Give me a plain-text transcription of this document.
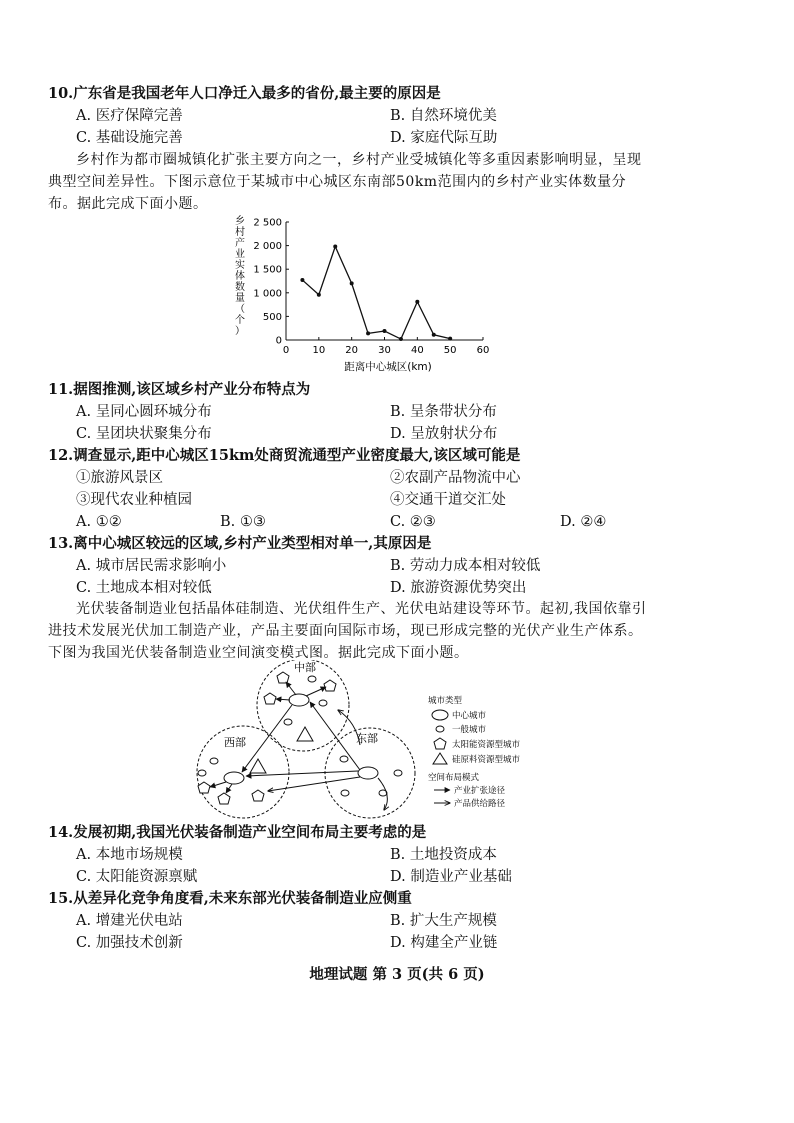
10.广东省是我国老年人口净迁入最多的省份,最主要的原因是
A. 医疗保障完善	B. 自然环境优美
C. 基础设施完善	D. 家庭代际互助
乡村作为都市圈城镇化扩张主要方向之一，乡村产业受城镇化等多重因素影响明显，呈现
典型空间差异性。下图示意位于某城市中心城区东南部50km范围内的乡村产业实体数量分
布。据此完成下面小题。
乡
村
产
业
实
体
数
量
（
个
）
0 10 20 30 40 50 60
0
500
1 000
1 500
2 000
2 500
距离中心城区(km)
11.据图推测,该区域乡村产业分布特点为
A. 呈同心圆环城分布	B. 呈条带状分布
C. 呈团块状聚集分布	D. 呈放射状分布
12.调查显示,距中心城区15km处商贸流通型产业密度最大,该区域可能是
①旅游风景区	②农副产品物流中心
③现代农业种植园	④交通干道交汇处
A. ①②	B. ①③	C. ②③	D. ②④
13.离中心城区较远的区域,乡村产业类型相对单一,其原因是
A. 城市居民需求影响小	B. 劳动力成本相对较低
C. 土地成本相对较低	D. 旅游资源优势突出
光伏装备制造业包括晶体硅制造、光伏组件生产、光伏电站建设等环节。起初,我国依靠引
进技术发展光伏加工制造产业，产品主要面向国际市场，现已形成完整的光伏产业生产体系。
下图为我国光伏装备制造业空间演变模式图。据此完成下面小题。
中部
西部	东部
城市类型
中心城市
一般城市
太阳能资源型城市
硅原料资源型城市
空间布局模式
产业扩张途径
产品供给路径
14.发展初期,我国光伏装备制造产业空间布局主要考虑的是
A. 本地市场规模	B. 土地投资成本
C. 太阳能资源禀赋	D. 制造业产业基础
15.从差异化竞争角度看,未来东部光伏装备制造业应侧重
A. 增建光伏电站	B. 扩大生产规模
C. 加强技术创新	D. 构建全产业链
地理试题 第 3 页(共 6 页)
